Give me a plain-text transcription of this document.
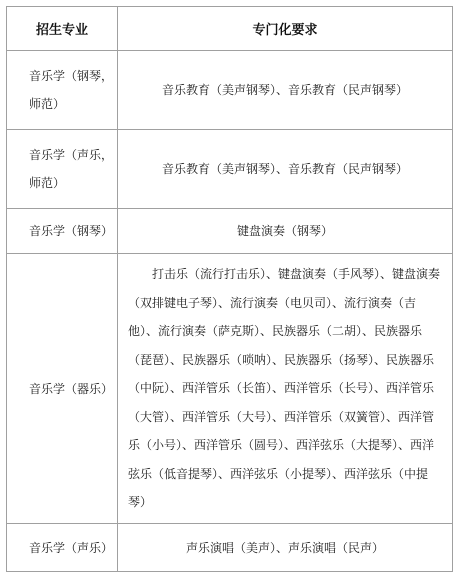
招生专业	专门化要求
音乐学（钢琴，师范）	音乐教育（美声钢琴）、音乐教育（民声钢琴）
音乐学（声乐，师范）	音乐教育（美声钢琴）、音乐教育（民声钢琴）
音乐学（钢琴）	键盘演奏（钢琴）
音乐学（器乐）	打击乐（流行打击乐）、键盘演奏（手风琴）、键盘演奏（双排键电子琴）、流行演奏（电贝司）、流行演奏（吉他）、流行演奏（萨克斯）、民族器乐（二胡）、民族器乐（琵琶）、民族器乐（唢呐）、民族器乐（扬琴）、民族器乐（中阮）、西洋管乐（长笛）、西洋管乐（长号）、西洋管乐（大管）、西洋管乐（大号）、西洋管乐（双簧管）、西洋管乐（小号）、西洋管乐（圆号）、西洋弦乐（大提琴）、西洋弦乐（低音提琴）、西洋弦乐（小提琴）、西洋弦乐（中提琴）
音乐学（声乐）	声乐演唱（美声）、声乐演唱（民声）
